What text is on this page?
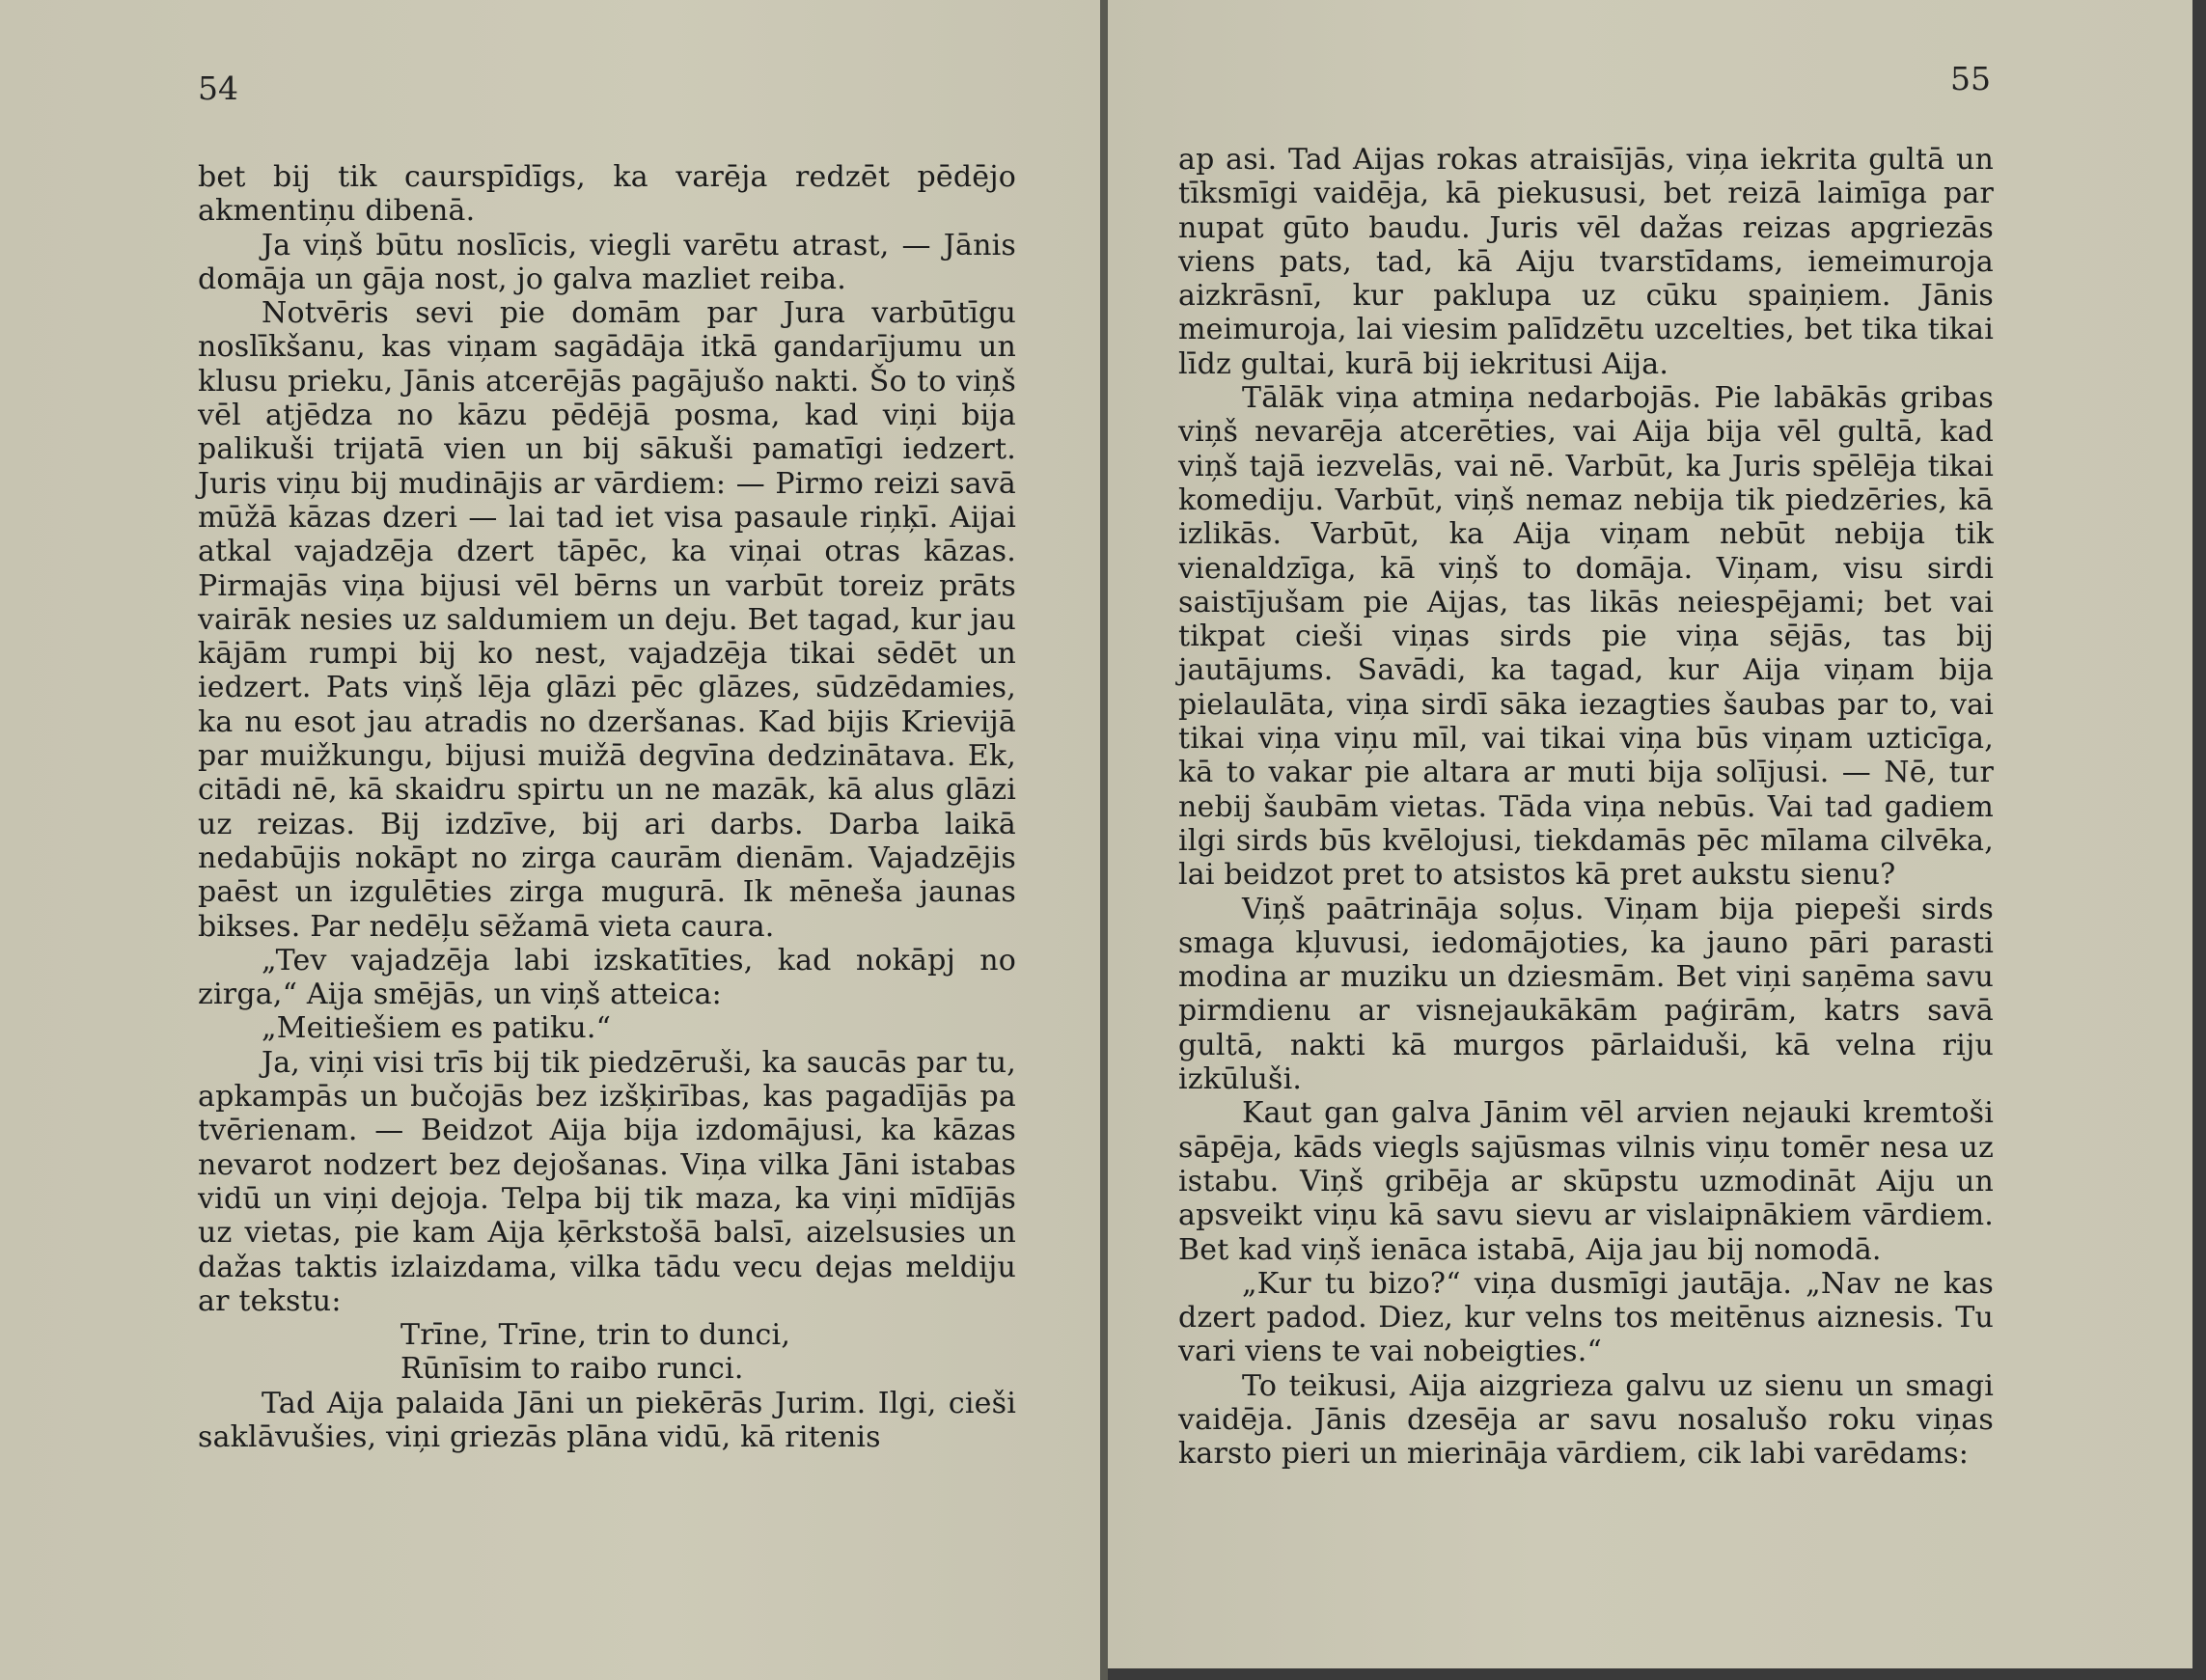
54

bet bij tik caurspīdīgs, ka varēja redzēt pēdējo akmentiņu dibenā.

Ja viņš būtu noslīcis, viegli varētu atrast, — Jānis domāja un gāja nost, jo galva mazliet reiba.

Notvēris sevi pie domām par Jura varbūtīgu noslīkšanu, kas viņam sagādāja itkā gandarījumu un klusu prieku, Jānis atcerējās pagājušo nakti. Šo to viņš vēl atjēdza no kāzu pēdējā posma, kad viņi bija palikuši trijatā vien un bij sākuši pamatīgi iedzert. Juris viņu bij mudinājis ar vārdiem: — Pirmo reizi savā mūžā kāzas dzeri — lai tad iet visa pasaule riņķī. Aijai atkal vajadzēja dzert tāpēc, ka viņai otras kāzas. Pirmajās viņa bijusi vēl bērns un varbūt toreiz prāts vairāk nesies uz saldumiem un deju. Bet tagad, kur jau kājām rumpi bij ko nest, vajadzēja tikai sēdēt un iedzert. Pats viņš lēja glāzi pēc glāzes, sūdzēdamies, ka nu esot jau atradis no dzeršanas. Kad bijis Krievijā par muižkungu, bijusi muižā degvīna dedzinātava. Ek, citādi nē, kā skaidru spirtu un ne mazāk, kā alus glāzi uz reizas. Bij izdzīve, bij ari darbs. Darba laikā nedabūjis nokāpt no zirga caurām dienām. Vajadzējis paēst un izgulēties zirga mugurā. Ik mēneša jaunas bikses. Par nedēļu sēžamā vieta caura.

„Tev vajadzēja labi izskatīties, kad nokāpj no zirga,“ Aija smējās, un viņš atteica:

„Meitiešiem es patiku.“

Ja, viņi visi trīs bij tik piedzēruši, ka saucās par tu, apkampās un bučojās bez izšķirības, kas pagadījās pa tvērienam. — Beidzot Aija bija izdomājusi, ka kāzas nevarot nodzert bez dejošanas. Viņa vilka Jāni istabas vidū un viņi dejoja. Telpa bij tik maza, ka viņi mīdījās uz vietas, pie kam Aija ķērkstošā balsī, aizelsusies un dažas taktis izlaizdama, vilka tādu vecu dejas meldiju ar tekstu:

Trīne, Trīne, trin to dunci,
Rūnīsim to raibo runci.

Tad Aija palaida Jāni un piekērās Jurim. Ilgi, cieši saklāvušies, viņi griezās plāna vidū, kā ritenis

55

ap asi. Tad Aijas rokas atraisījās, viņa iekrita gultā un tīksmīgi vaidēja, kā piekususi, bet reizā laimīga par nupat gūto baudu. Juris vēl dažas reizas apgriezās viens pats, tad, kā Aiju tvarstīdams, iemeimuroja aizkrāsnī, kur paklupa uz cūku spaiņiem. Jānis meimuroja, lai viesim palīdzētu uzcelties, bet tika tikai līdz gultai, kurā bij iekritusi Aija.

Tālāk viņa atmiņa nedarbojās. Pie labākās gribas viņš nevarēja atcerēties, vai Aija bija vēl gultā, kad viņš tajā iezvelās, vai nē. Varbūt, ka Juris spēlēja tikai komediju. Varbūt, viņš nemaz nebija tik piedzēries, kā izlikās. Varbūt, ka Aija viņam nebūt nebija tik vienaldzīga, kā viņš to domāja. Viņam, visu sirdi saistījušam pie Aijas, tas likās neiespējami; bet vai tikpat cieši viņas sirds pie viņa sējās, tas bij jautājums. Savādi, ka tagad, kur Aija viņam bija pielaulāta, viņa sirdī sāka iezagties šaubas par to, vai tikai viņa viņu mīl, vai tikai viņa būs viņam uzticīga, kā to vakar pie altara ar muti bija solījusi. — Nē, tur nebij šaubām vietas. Tāda viņa nebūs. Vai tad gadiem ilgi sirds būs kvēlojusi, tiekdamās pēc mīlama cilvēka, lai beidzot pret to atsistos kā pret aukstu sienu?

Viņš paātrināja soļus. Viņam bija piepeši sirds smaga kļuvusi, iedomājoties, ka jauno pāri parasti modina ar muziku un dziesmām. Bet viņi saņēma savu pirmdienu ar visnejaukākām paģirām, katrs savā gultā, nakti kā murgos pārlaiduši, kā velna riju izkūluši.

Kaut gan galva Jānim vēl arvien nejauki kremtoši sāpēja, kāds viegls sajūsmas vilnis viņu tomēr nesa uz istabu. Viņš gribēja ar skūpstu uzmodināt Aiju un apsveikt viņu kā savu sievu ar vislaipnākiem vārdiem. Bet kad viņš ienāca istabā, Aija jau bij nomodā.

„Kur tu bizo?“ viņa dusmīgi jautāja. „Nav ne kas dzert padod. Diez, kur velns tos meitēnus aiznesis. Tu vari viens te vai nobeigties.“

To teikusi, Aija aizgrieza galvu uz sienu un smagi vaidēja. Jānis dzesēja ar savu nosalušo roku viņas karsto pieri un mierināja vārdiem, cik labi varēdams:
